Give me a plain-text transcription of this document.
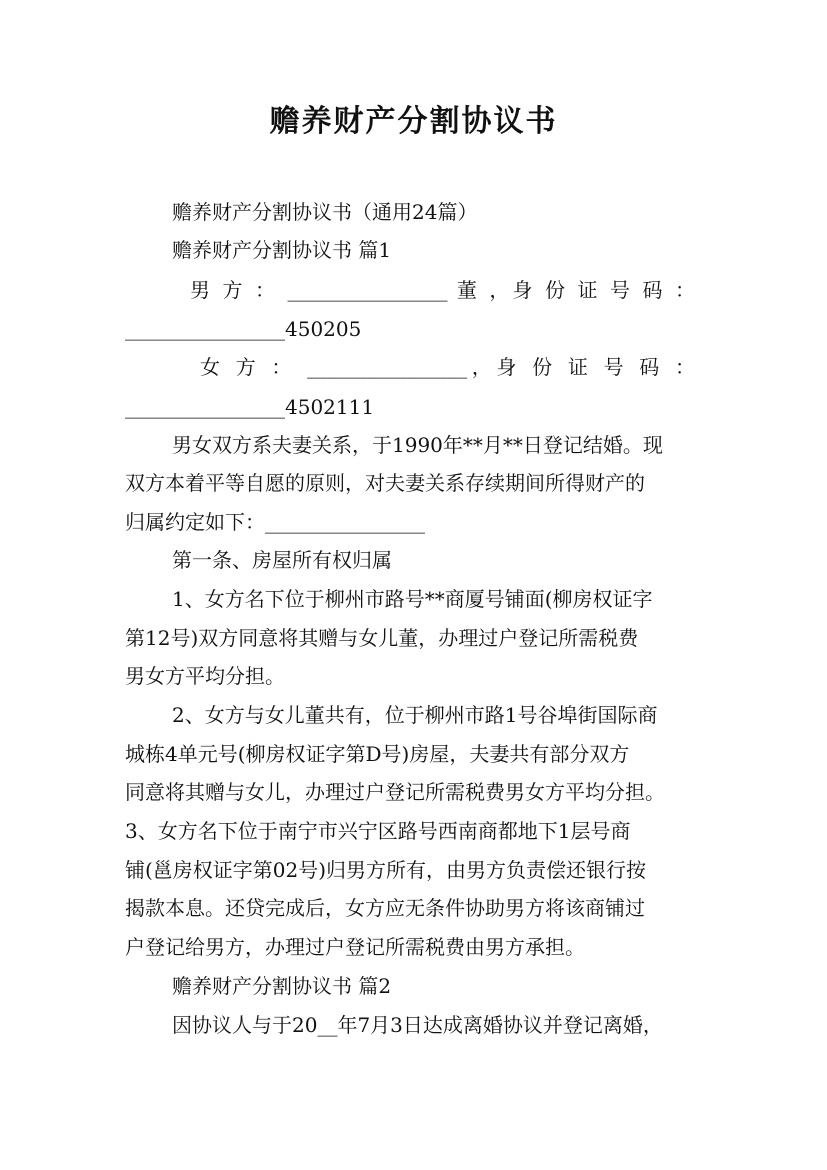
赡养财产分割协议书
赡养财产分割协议书（通用24篇）
赡养财产分割协议书 篇1
男 方 ： ________________ 董 ，身 份 证 号 码 ：
________________450205
女 方 ： ________________，身 份 证 号 码 ：
________________4502111
男女双方系夫妻关系，于1990年**月**日登记结婚。现
双方本着平等自愿的原则，对夫妻关系存续期间所得财产的
归属约定如下：________________
第一条、房屋所有权归属
1、女方名下位于柳州市路号**商厦号铺面(柳房权证字
第12号)双方同意将其赠与女儿董，办理过户登记所需税费
男女方平均分担。
2、女方与女儿董共有，位于柳州市路1号谷埠街国际商
城栋4单元号(柳房权证字第D号)房屋，夫妻共有部分双方
同意将其赠与女儿，办理过户登记所需税费男女方平均分担。
3、女方名下位于南宁市兴宁区路号西南商都地下1层号商
铺(邕房权证字第02号)归男方所有，由男方负责偿还银行按
揭款本息。还贷完成后，女方应无条件协助男方将该商铺过
户登记给男方，办理过户登记所需税费由男方承担。
赡养财产分割协议书 篇2
因协议人与于20__年7月3日达成离婚协议并登记离婚，
